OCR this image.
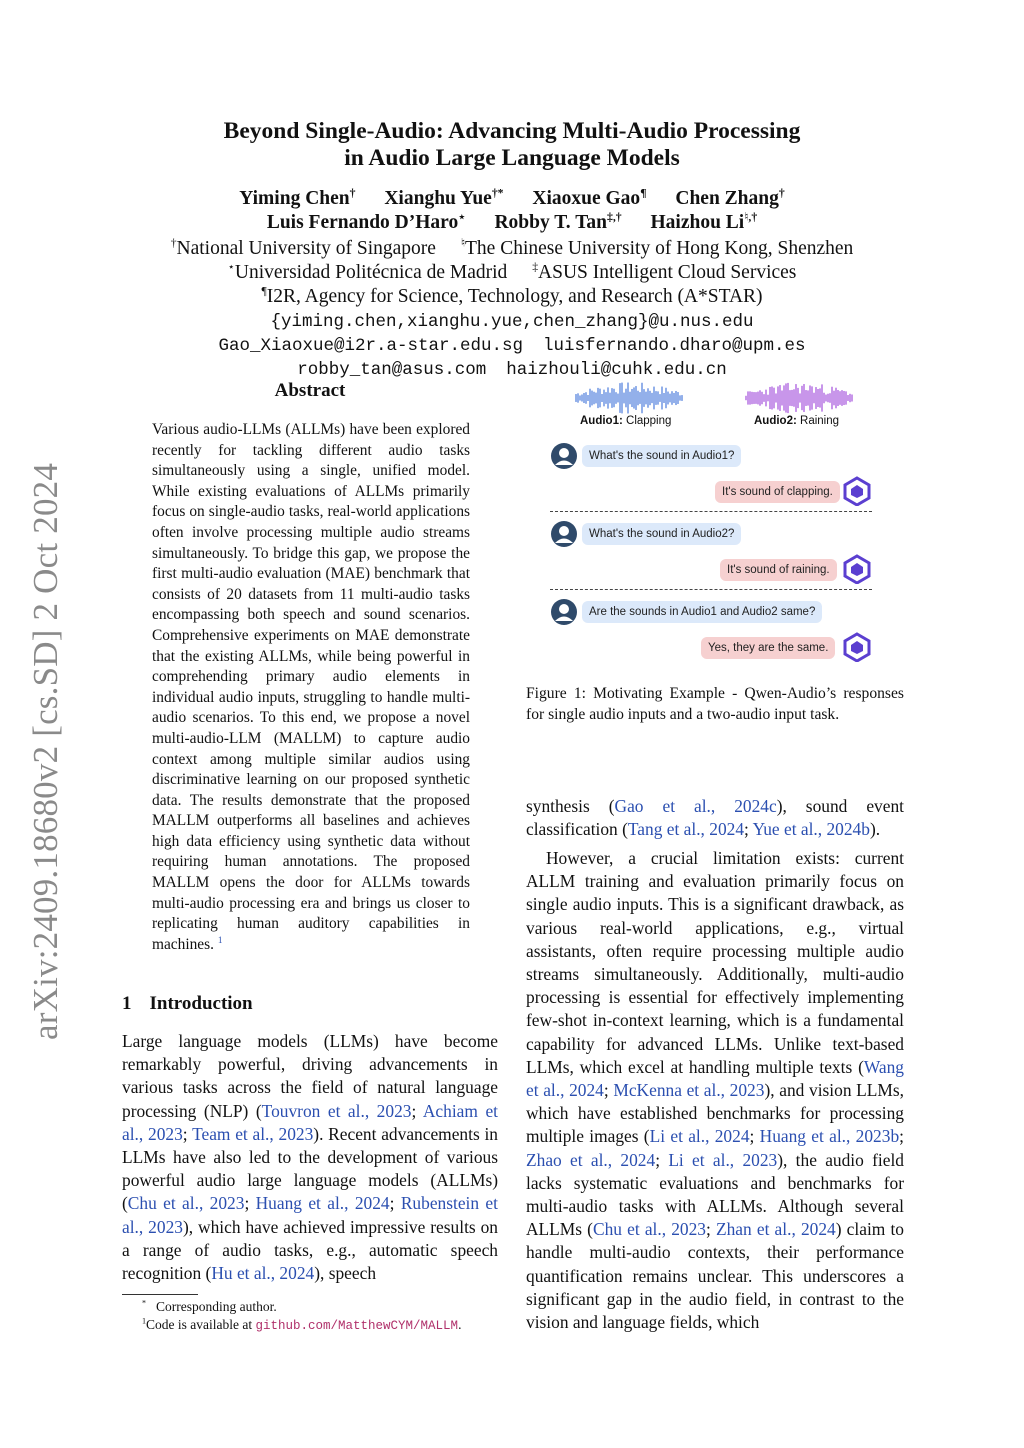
arXiv:2409.18680v2 [cs.SD] 2 Oct 2024
Beyond Single-Audio: Advancing Multi-Audio Processing
in Audio Large Language Models
Yiming Chen† Xianghu Yue†* Xiaoxue Gao¶ Chen Zhang†
Luis Fernando D’Haro⋆ Robby T. Tan‡,† Haizhou Li♮,†
†National University of Singapore ♮The Chinese University of Hong Kong, Shenzhen
⋆Universidad Politécnica de Madrid ‡ASUS Intelligent Cloud Services
¶I2R, Agency for Science, Technology, and Research (A*STAR)
{yiming.chen,xianghu.yue,chen_zhang}@u.nus.edu
Gao_Xiaoxue@i2r.a-star.edu.sg luisfernando.dharo@upm.es
robby_tan@asus.com haizhouli@cuhk.edu.cn
Abstract
Various audio-LLMs (ALLMs) have been explored recently for tackling different audio tasks simultaneously using a single, unified model. While existing evaluations of ALLMs primarily focus on single-audio tasks, real-world applications often involve processing multiple audio streams simultaneously. To bridge this gap, we propose the first multi-audio evaluation (MAE) benchmark that consists of 20 datasets from 11 multi-audio tasks encompassing both speech and sound scenarios. Comprehensive experiments on MAE demonstrate that the existing ALLMs, while being powerful in comprehending primary audio elements in individual audio inputs, struggling to handle multi-audio scenarios. To this end, we propose a novel multi-audio-LLM (MALLM) to capture audio context among multiple similar audios using discriminative learning on our proposed synthetic data. The results demonstrate that the proposed MALLM outperforms all baselines and achieves high data efficiency using synthetic data without requiring human annotations. The proposed MALLM opens the door for ALLMs towards multi-audio processing era and brings us closer to replicating human auditory capabilities in machines. $^1$
1 Introduction
Large language models (LLMs) have become remarkably powerful, driving advancements in various tasks across the field of natural language processing (NLP) (Touvron et al., 2023; Achiam et al., 2023; Team et al., 2023). Recent advancements in LLMs have also led to the development of various powerful audio large language models (ALLMs) (Chu et al., 2023; Huang et al., 2024; Rubenstein et al., 2023), which have achieved impressive results on a range of audio tasks, e.g., automatic speech recognition (Hu et al., 2024), speech
* Corresponding author.
$^1$Code is available at github.com/MatthewCYM/MALLM.
Audio1: Clapping	Audio2: Raining
What's the sound in Audio1?
It's sound of clapping.
What's the sound in Audio2?
It's sound of raining.
Are the sounds in Audio1 and Audio2 same?
Yes, they are the same.
Figure 1: Motivating Example - Qwen-Audio’s responses for single audio inputs and a two-audio input task.
synthesis (Gao et al., 2024c), sound event classification (Tang et al., 2024; Yue et al., 2024b).
However, a crucial limitation exists: current ALLM training and evaluation primarily focus on single audio inputs. This is a significant drawback, as various real-world applications, e.g., virtual assistants, often require processing multiple audio streams simultaneously. Additionally, multi-audio processing is essential for effectively implementing few-shot in-context learning, which is a fundamental capability for advanced LLMs. Unlike text-based LLMs, which excel at handling multiple texts (Wang et al., 2024; McKenna et al., 2023), and vision LLMs, which have established benchmarks for processing multiple images (Li et al., 2024; Huang et al., 2023b; Zhao et al., 2024; Li et al., 2023), the audio field lacks systematic evaluations and benchmarks for multi-audio tasks with ALLMs. Although several ALLMs (Chu et al., 2023; Zhan et al., 2024) claim to handle multi-audio contexts, their performance quantification remains unclear. This underscores a significant gap in the audio field, in contrast to the vision and language fields, which
